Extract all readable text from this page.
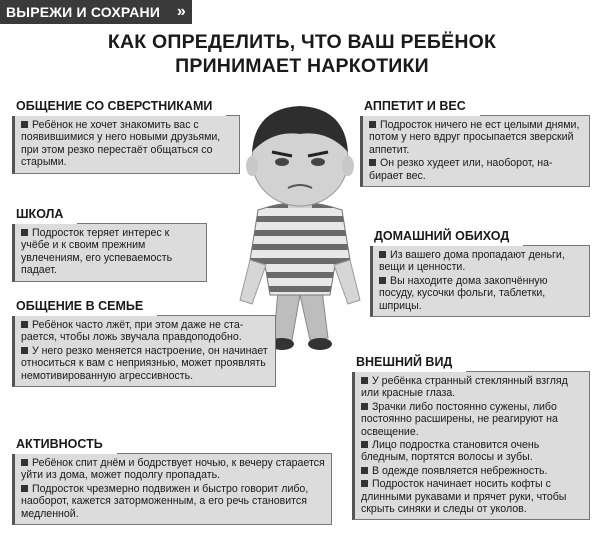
ВЫРЕЖИ И СОХРАНИ »
КАК ОПРЕДЕЛИТЬ, ЧТО ВАШ РЕБЁНОК
ПРИНИМАЕТ НАРКОТИКИ
ОБЩЕНИЕ СО СВЕРСТНИКАМИ

Ребёнок не хочет знакомить вас с появившимися у него новыми друзьями, при этом резко перестаёт общаться со старыми.

ШКОЛА

Подросток теряет интерес к учёбе и к своим прежним увлечениям, его успеваемость падает.

ОБЩЕНИЕ В СЕМЬЕ

Ребёнок часто лжёт, при этом даже не старается, чтобы ложь звучала правдоподобно.

У него резко меняется настроение, он начинает относиться к вам с неприязнью, может проявлять немотивированную агрессивность.

АКТИВНОСТЬ

Ребёнок спит днём и бодрствует ночью, к вечеру старается уйти из дома, может подолгу пропадать.

Подросток чрезмерно подвижен и быстро говорит либо, наоборот, кажется заторможенным, а его речь становится медленной.

АППЕТИТ И ВЕС

Подросток ничего не ест целыми днями, потом у него вдруг просыпается зверский аппетит.

Он резко худеет или, наоборот, набирает вес.

ДОМАШНИЙ ОБИХОД

Из вашего дома пропадают деньги, вещи и ценности.

Вы находите дома закопчённую посуду, кусочки фольги, таблетки, шприцы.

ВНЕШНИЙ ВИД

У ребёнка странный стеклянный взгляд или красные глаза.

Зрачки либо постоянно сужены, либо постоянно расширены, не реагируют на освещение.

Лицо подростка становится очень бледным, портятся волосы и зубы.

В одежде появляется небрежность.

Подросток начинает носить кофты с длинными рукавами и прячет руки, чтобы скрыть синяки и следы от уколов.
